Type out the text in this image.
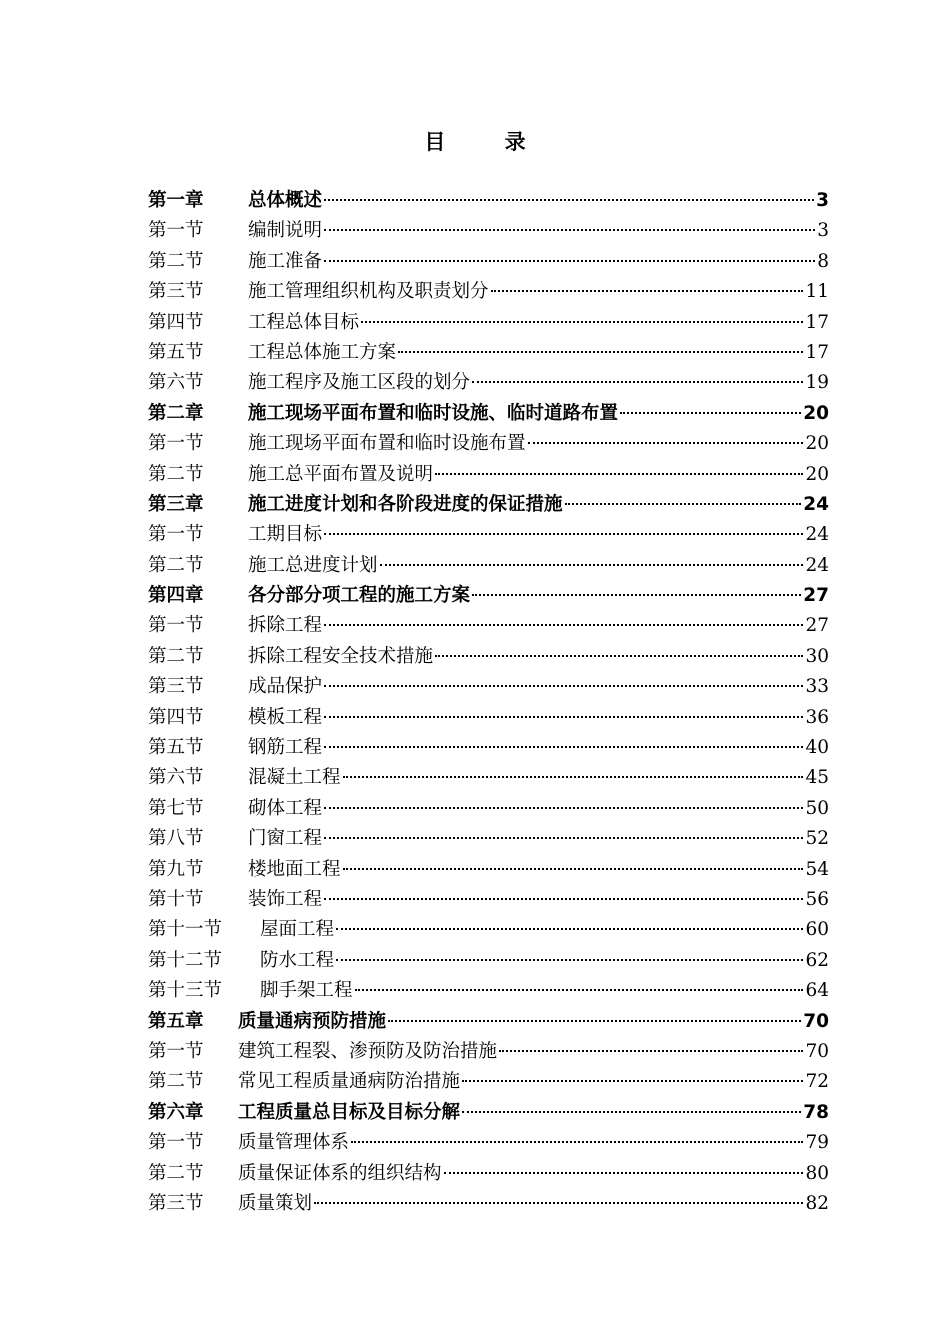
目 录
第一章	总体概述	3
第一节	编制说明	3
第二节	施工准备	8
第三节	施工管理组织机构及职责划分	11
第四节	工程总体目标	17
第五节	工程总体施工方案	17
第六节	施工程序及施工区段的划分	19
第二章	施工现场平面布置和临时设施、临时道路布置	20
第一节	施工现场平面布置和临时设施布置	20
第二节	施工总平面布置及说明	20
第三章	施工进度计划和各阶段进度的保证措施	24
第一节	工期目标	24
第二节	施工总进度计划	24
第四章	各分部分项工程的施工方案	27
第一节	拆除工程	27
第二节	拆除工程安全技术措施	30
第三节	成品保护	33
第四节	模板工程	36
第五节	钢筋工程	40
第六节	混凝土工程	45
第七节	砌体工程	50
第八节	门窗工程	52
第九节	楼地面工程	54
第十节	装饰工程	56
第十一节	屋面工程	60
第十二节	防水工程	62
第十三节	脚手架工程	64
第五章	质量通病预防措施	70
第一节	建筑工程裂、渗预防及防治措施	70
第二节	常见工程质量通病防治措施	72
第六章	工程质量总目标及目标分解	78
第一节	质量管理体系	79
第二节	质量保证体系的组织结构	80
第三节	质量策划	82
